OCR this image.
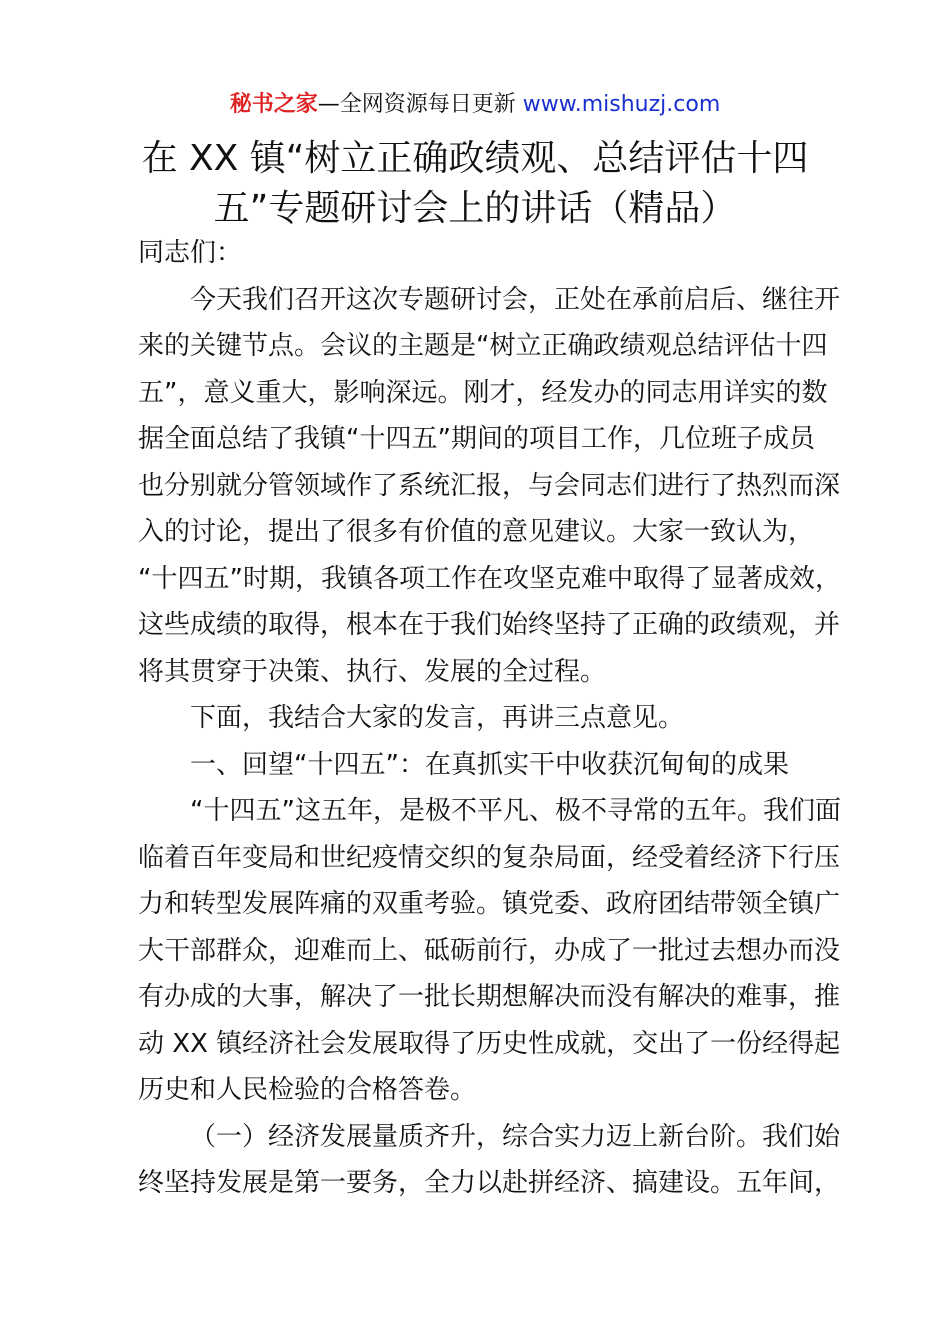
秘书之家—全网资源每日更新 www.mishuzj.com
在 XX 镇“树立正确政绩观、总结评估十四
五”专题研讨会上的讲话（精品）
同志们：
今天我们召开这次专题研讨会，正处在承前启后、继往开
来的关键节点。会议的主题是“树立正确政绩观总结评估十四
五”，意义重大，影响深远。刚才，经发办的同志用详实的数
据全面总结了我镇“十四五”期间的项目工作，几位班子成员
也分别就分管领域作了系统汇报，与会同志们进行了热烈而深
入的讨论，提出了很多有价值的意见建议。大家一致认为，
“十四五”时期，我镇各项工作在攻坚克难中取得了显著成效，
这些成绩的取得，根本在于我们始终坚持了正确的政绩观，并
将其贯穿于决策、执行、发展的全过程。
下面，我结合大家的发言，再讲三点意见。
一、回望“十四五”：在真抓实干中收获沉甸甸的成果
“十四五”这五年，是极不平凡、极不寻常的五年。我们面
临着百年变局和世纪疫情交织的复杂局面，经受着经济下行压
力和转型发展阵痛的双重考验。镇党委、政府团结带领全镇广
大干部群众，迎难而上、砥砺前行，办成了一批过去想办而没
有办成的大事，解决了一批长期想解决而没有解决的难事，推
动 XX 镇经济社会发展取得了历史性成就，交出了一份经得起
历史和人民检验的合格答卷。
（一）经济发展量质齐升，综合实力迈上新台阶。我们始
终坚持发展是第一要务，全力以赴拼经济、搞建设。五年间，
